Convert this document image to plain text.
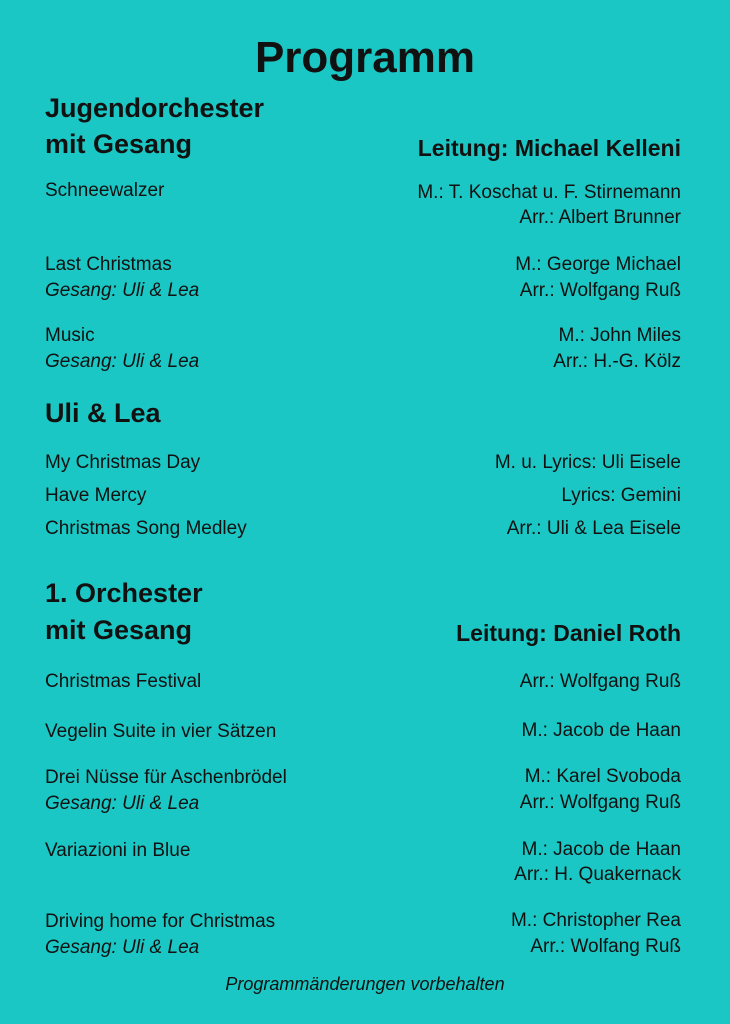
Programm
Jugendorchester
mit Gesang	Leitung: Michael Kelleni
Schneewalzer	M.: T. Koschat u. F. Stirnemann
Arr.: Albert Brunner
Last Christmas
Gesang: Uli & Lea
M.: George Michael
Arr.: Wolfgang Ruß
Music
Gesang: Uli & Lea
M.: John Miles
Arr.: H.-G. Kölz
Uli & Lea
My Christmas Day	M. u. Lyrics: Uli Eisele
Have Mercy	Lyrics: Gemini
Christmas Song Medley	Arr.: Uli & Lea Eisele
1. Orchester
mit Gesang	Leitung: Daniel Roth
Christmas Festival	Arr.: Wolfgang Ruß
Vegelin Suite in vier Sätzen	M.: Jacob de Haan
Drei Nüsse für Aschenbrödel
Gesang: Uli & Lea
M.: Karel Svoboda
Arr.: Wolfgang Ruß
Variazioni in Blue	M.: Jacob de Haan
Arr.: H. Quakernack
Driving home for Christmas
Gesang: Uli & Lea
M.: Christopher Rea
Arr.: Wolfang Ruß
Programmänderungen vorbehalten
